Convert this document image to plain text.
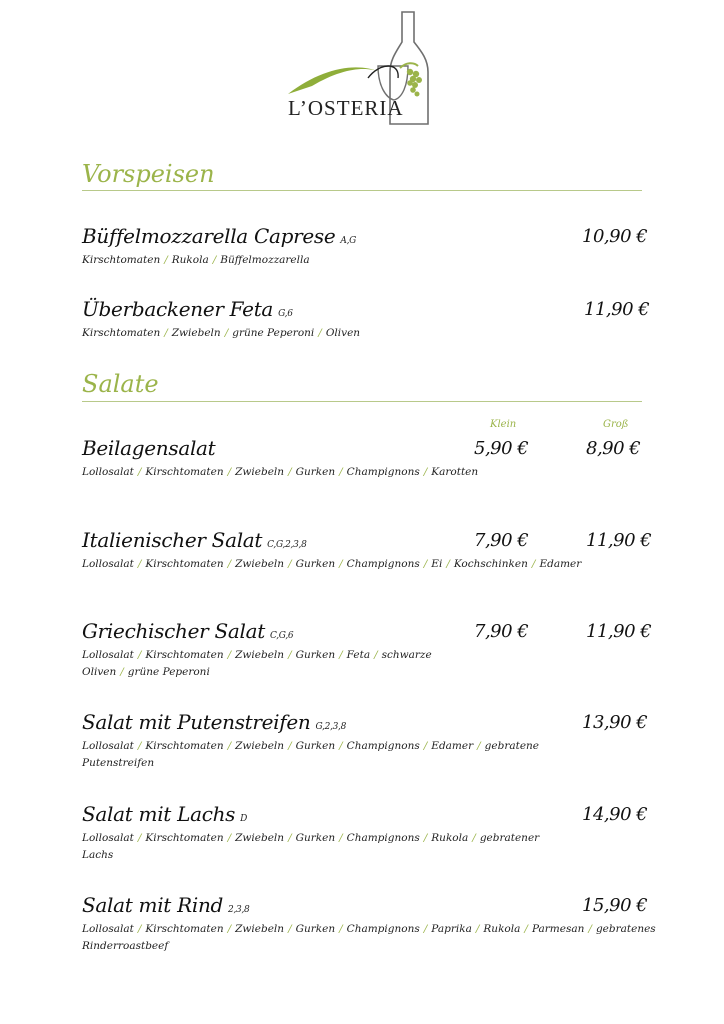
L’OSTERIA
Vorspeisen
Büffelmozzarella Caprese A,G
Kirschtomaten / Rukola / Büffelmozzarella
10,90 €
Überbackener Feta G,6
Kirschtomaten / Zwiebeln / grüne Peperoni / Oliven
11,90 €
Salate
Klein	Groß
Beilagensalat
Lollosalat / Kirschtomaten / Zwiebeln / Gurken / Champignons / Karotten
5,90 €	8,90 €
Italienischer Salat C,G,2,3,8
Lollosalat / Kirschtomaten / Zwiebeln / Gurken / Champignons / Ei / Kochschinken / Edamer
7,90 €	11,90 €
Griechischer Salat C,G,6
Lollosalat / Kirschtomaten / Zwiebeln / Gurken / Feta / schwarze Oliven / grüne Peperoni
7,90 €	11,90 €
Salat mit Putenstreifen G,2,3,8
Lollosalat / Kirschtomaten / Zwiebeln / Gurken / Champignons / Edamer / gebratene Putenstreifen
13,90 €
Salat mit Lachs D
Lollosalat / Kirschtomaten / Zwiebeln / Gurken / Champignons / Rukola / gebratener Lachs
14,90 €
Salat mit Rind 2,3,8
Lollosalat / Kirschtomaten / Zwiebeln / Gurken / Champignons / Paprika / Rukola / Parmesan / gebratenes Rinderroastbeef
15,90 €
